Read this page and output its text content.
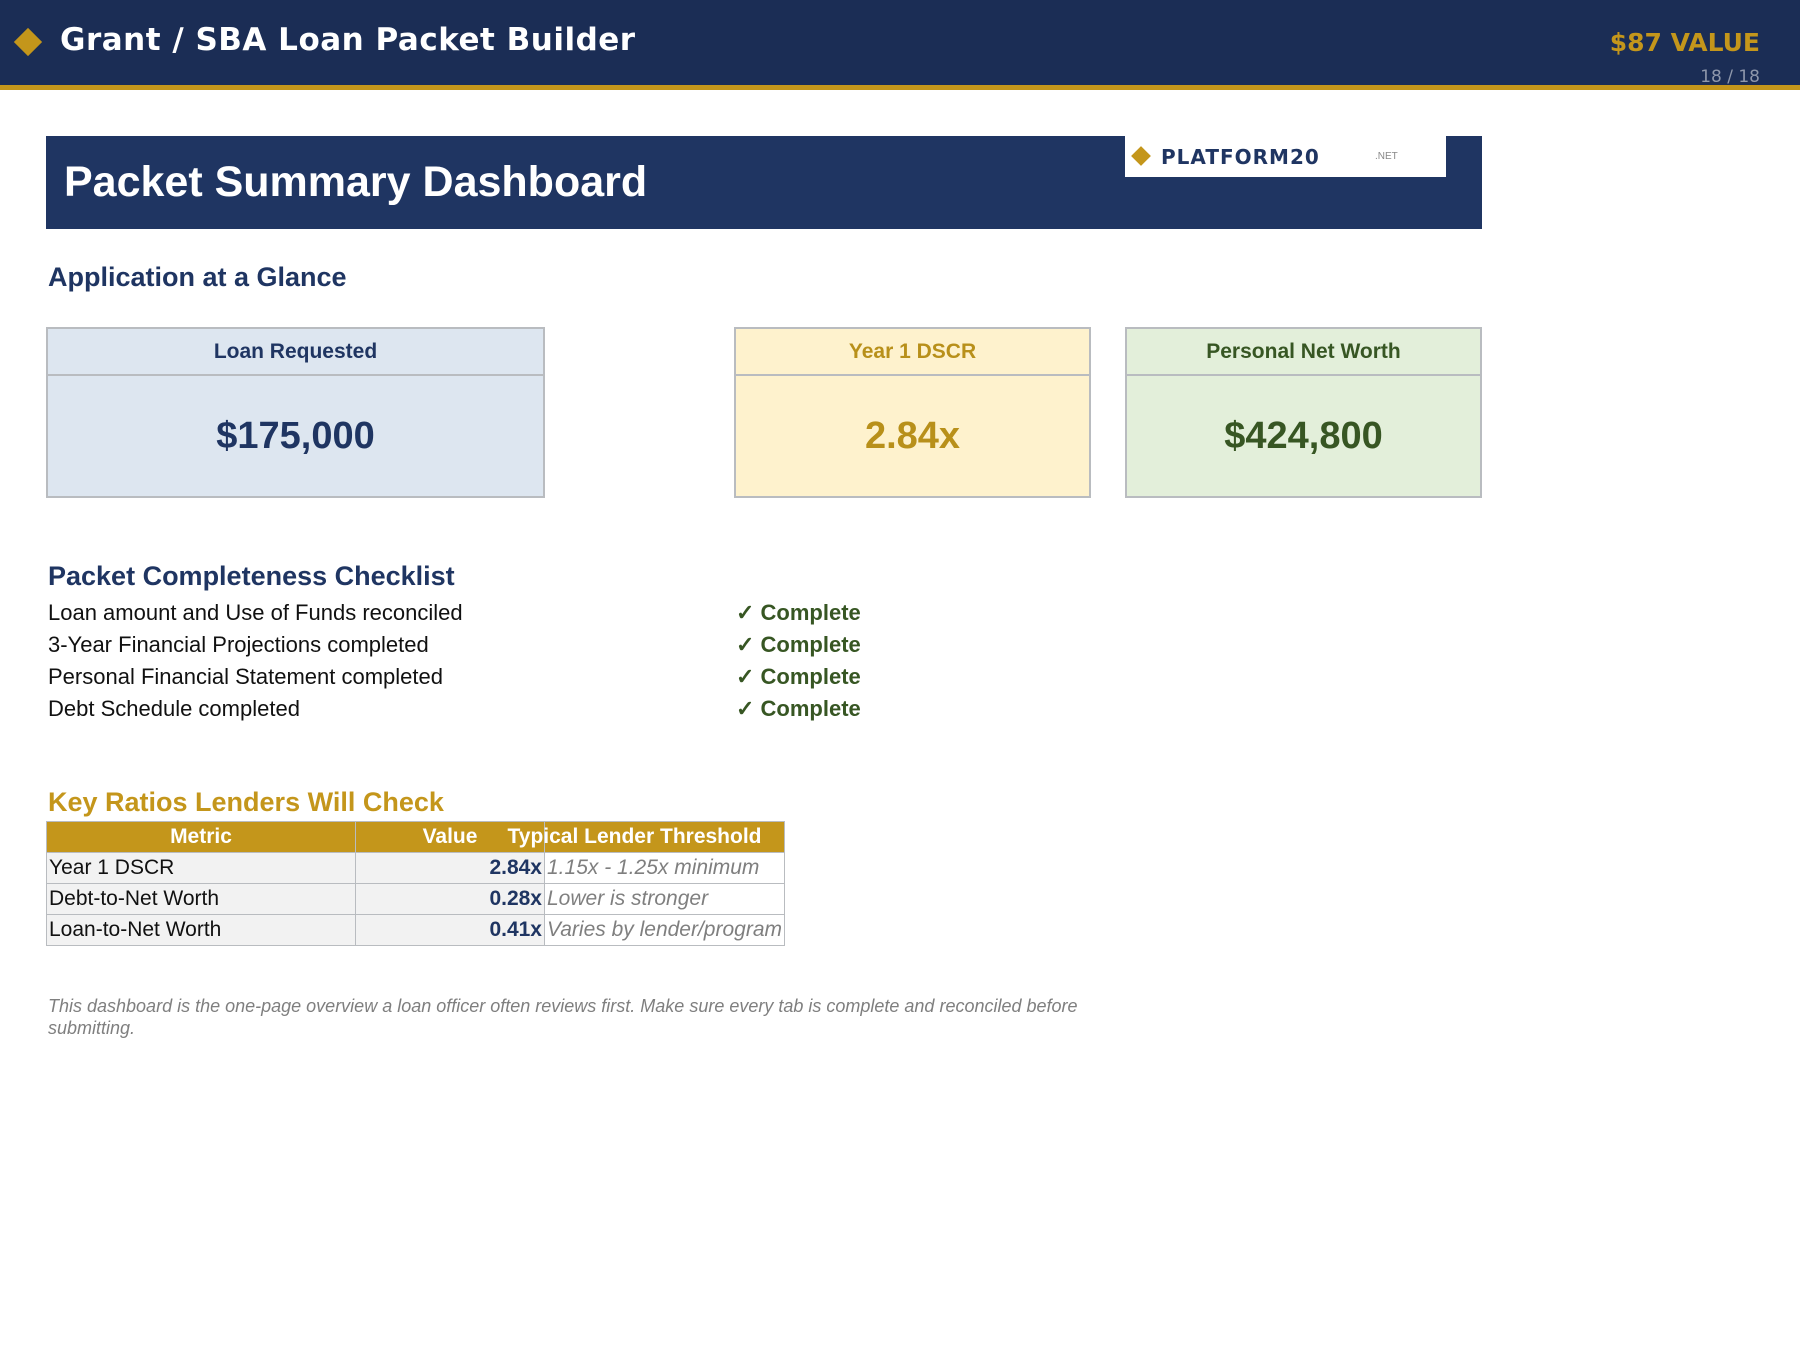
Grant / SBA Loan Packet Builder	$87 VALUE
18 / 18
Packet Summary Dashboard
PLATFORM20	.NET
Application at a Glance
Loan Requested
$175,000
Year 1 DSCR
2.84x
Personal Net Worth
$424,800
Packet Completeness Checklist
Loan amount and Use of Funds reconciled	✓ Complete
3-Year Financial Projections completed	✓ Complete
Personal Financial Statement completed	✓ Complete
Debt Schedule completed	✓ Complete
Key Ratios Lenders Will Check
Metric	Value	Typical Lender Threshold
Year 1 DSCR	2.84x	1.15x - 1.25x minimum
Debt-to-Net Worth	0.28x	Lower is stronger
Loan-to-Net Worth	0.41x	Varies by lender/program
This dashboard is the one-page overview a loan officer often reviews first. Make sure every tab is complete and reconciled before submitting.
